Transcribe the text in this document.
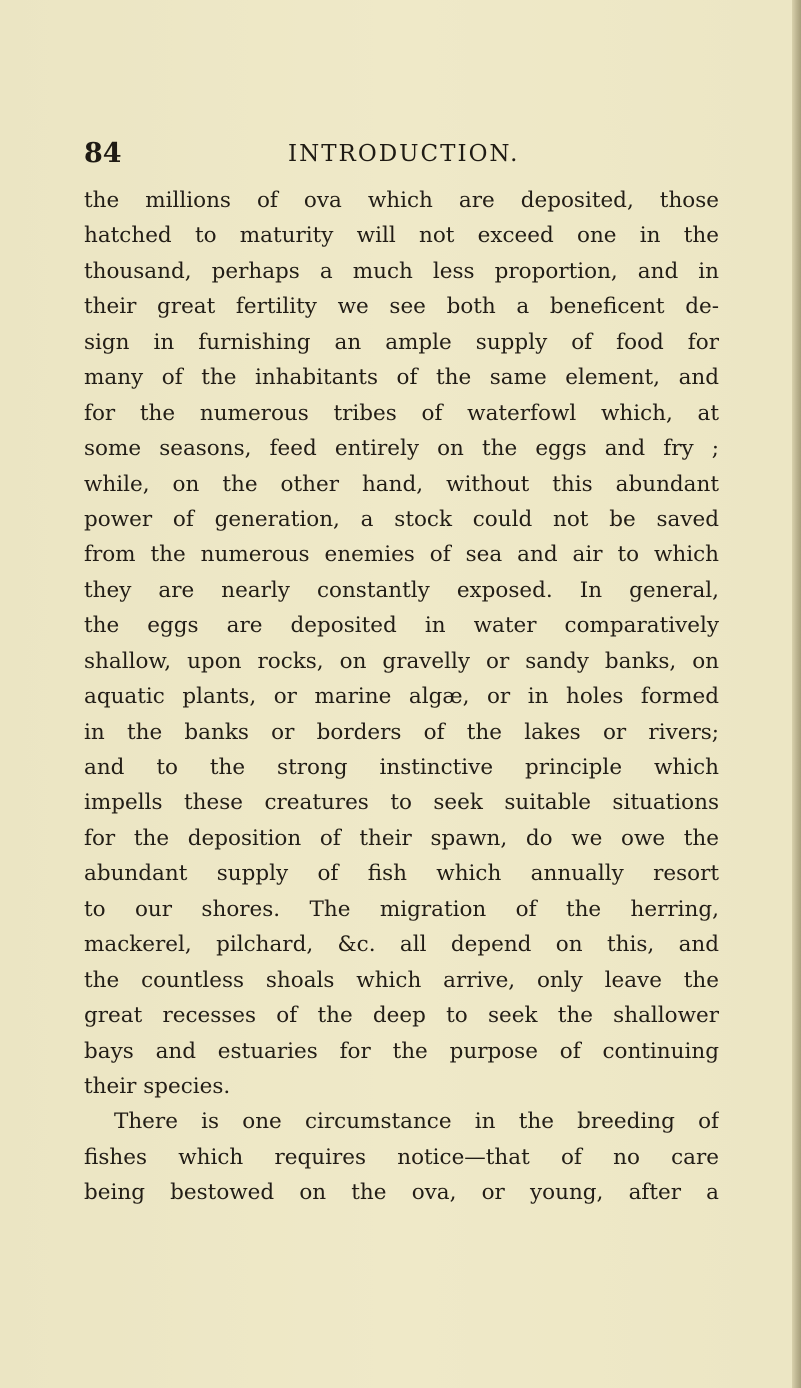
84	INTRODUCTION.
the millions of ova which are deposited, those
hatched to maturity will not exceed one in the
thousand, perhaps a much less proportion, and in
their great fertility we see both a beneficent de-
sign in furnishing an ample supply of food for
many of the inhabitants of the same element, and
for the numerous tribes of waterfowl which, at
some seasons, feed entirely on the eggs and fry ;
while, on the other hand, without this abundant
power of generation, a stock could not be saved
from the numerous enemies of sea and air to which
they are nearly constantly exposed. In general,
the eggs are deposited in water comparatively
shallow, upon rocks, on gravelly or sandy banks, on
aquatic plants, or marine algæ, or in holes formed
in the banks or borders of the lakes or rivers;
and to the strong instinctive principle which
impells these creatures to seek suitable situations
for the deposition of their spawn, do we owe the
abundant supply of fish which annually resort
to our shores. The migration of the herring,
mackerel, pilchard, &c. all depend on this, and
the countless shoals which arrive, only leave the
great recesses of the deep to seek the shallower
bays and estuaries for the purpose of continuing
their species.
There is one circumstance in the breeding of
fishes which requires notice—that of no care
being bestowed on the ova, or young, after a
